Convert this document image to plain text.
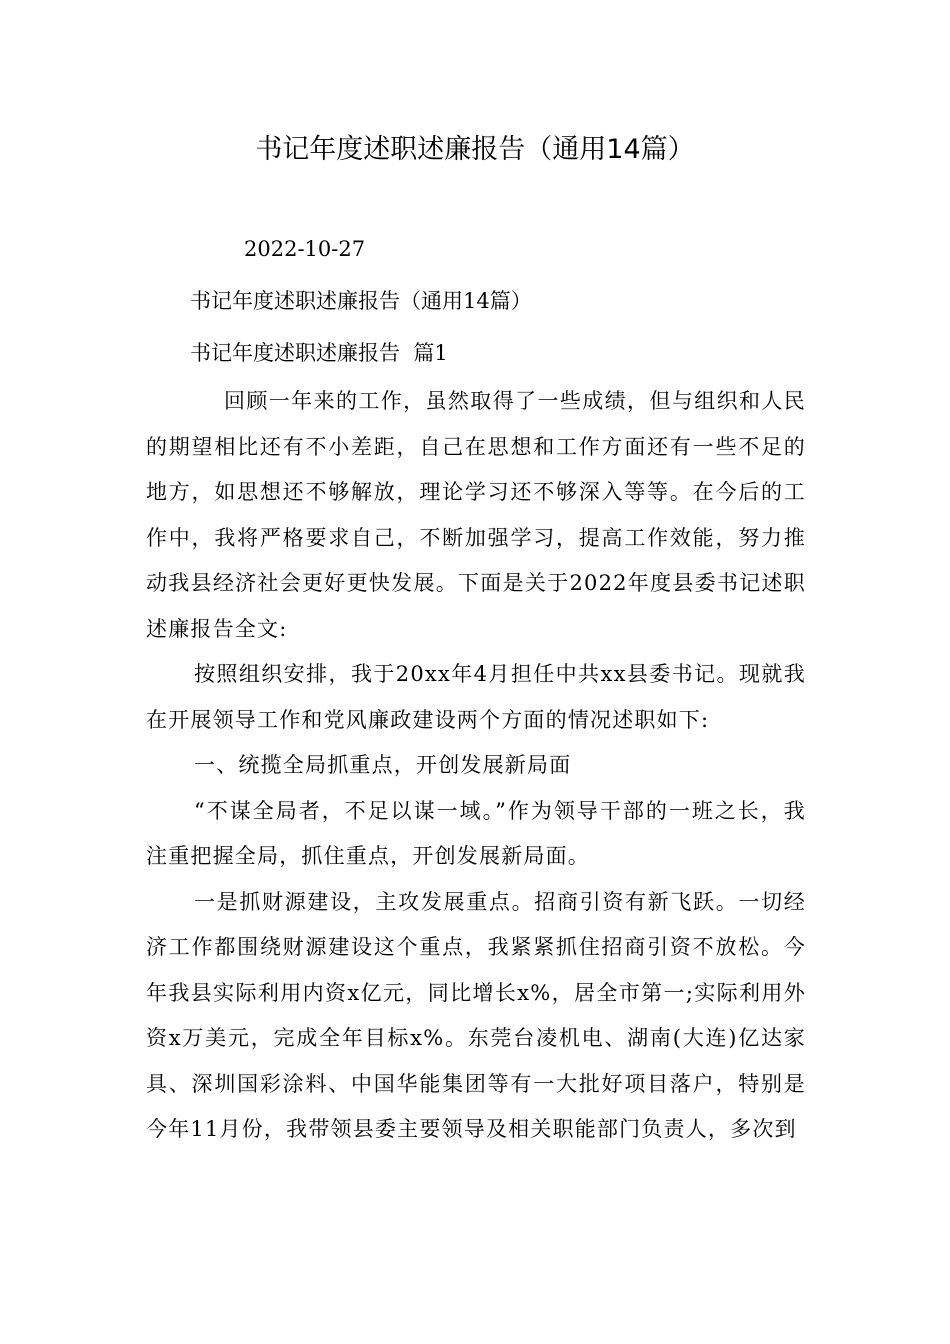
书记年度述职述廉报告（通用14篇）

2022-10-27

书记年度述职述廉报告（通用14篇）

书记年度述职述廉报告  篇1

回顾一年来的工作，虽然取得了一些成绩，但与组织和人民的期望相比还有不小差距，自己在思想和工作方面还有一些不足的地方，如思想还不够解放，理论学习还不够深入等等。在今后的工作中，我将严格要求自己，不断加强学习，提高工作效能，努力推动我县经济社会更好更快发展。下面是关于2022年度县委书记述职述廉报告全文:

按照组织安排，我于20xx年4月担任中共xx县委书记。现就我在开展领导工作和党风廉政建设两个方面的情况述职如下:

一、统揽全局抓重点，开创发展新局面

“不谋全局者，不足以谋一域。”作为领导干部的一班之长，我注重把握全局，抓住重点，开创发展新局面。

一是抓财源建设，主攻发展重点。招商引资有新飞跃。一切经济工作都围绕财源建设这个重点，我紧紧抓住招商引资不放松。今年我县实际利用内资x亿元，同比增长x%，居全市第一;实际利用外资x万美元，完成全年目标x%。东莞台凌机电、湖南(大连)亿达家具、深圳国彩涂料、中国华能集团等有一大批好项目落户，特别是今年11月份，我带领县委主要领导及相关职能部门负责人，多次到
